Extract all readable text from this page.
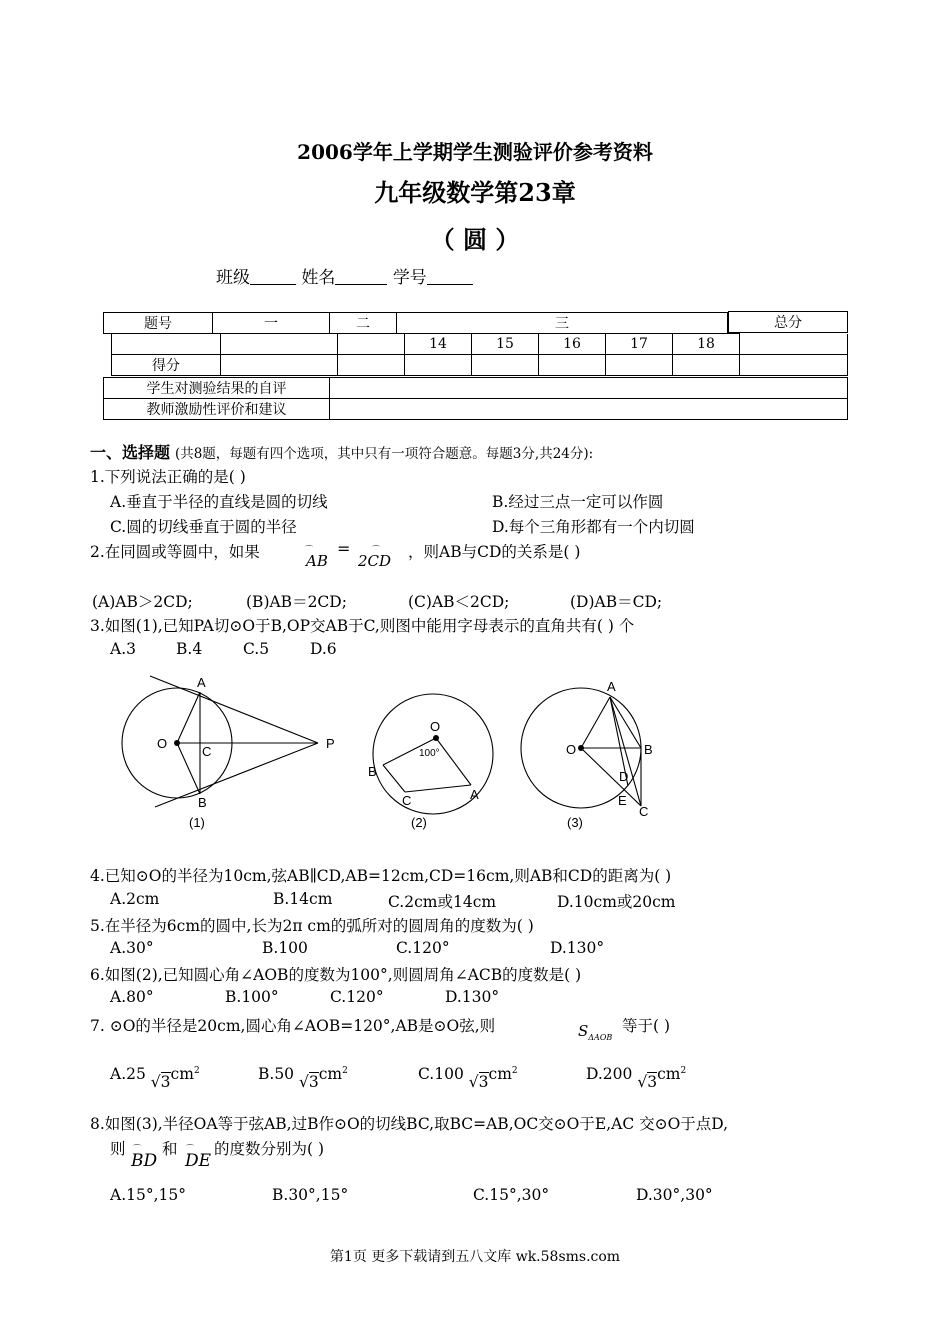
2006学年上学期学生测验评价参考资料
九年级数学第23章
（ 圆 ）
班级	姓名	学号
题号	一	二	三	总分
			14	15	16	17	18	
得分								
学生对测验结果的自评	
教师激励性评价和建议	
一、选择题 (共8题，每题有四个选项，其中只有一项符合题意。每题3分,共24分):
1.下列说法正确的是( )
A.垂直于半径的直线是圆的切线	B.经过三点一定可以作圆
C.圆的切线垂直于圆的半径	D.每个三角形都有一个内切圆
2.在同圆或等圆中，如果	AB
⌒ =
2CD
⌒ ，则AB与CD的关系是( )
(A)AB＞2CD;	(B)AB＝2CD;	(C)AB＜2CD;	(D)AB＝CD;
3.如图(1),已知PA切⊙O于B,OP交AB于C,则图中能用字母表示的直角共有( ) 个
A.3	B.4	C.5	D.6
A
O
C
P
B
(1)
O
100°
B
C	A
(2)
A
O	B
D
E
C
(3)
4.已知⊙O的半径为10cm,弦AB∥CD,AB=12cm,CD=16cm,则AB和CD的距离为( )
A.2cm	B.14cm	C.2cm或14cm	D.10cm或20cm
5.在半径为6cm的圆中,长为2π cm的弧所对的圆周角的度数为( )
A.30°	B.100	C.120°	D.130°
6.如图(2),已知圆心角∠AOB的度数为100°,则圆周角∠ACB的度数是( )
A.80°	B.100°	C.120°	D.130°
7. ⊙O的半径是20cm,圆心角∠AOB=120°,AB是⊙O弦,则	$S_{\Delta AOB}$
等于( )
A.25 $√3cm^2$	B.50 $√3cm^2$	C.100 $√3cm^2$	D.200 $√3cm^2$
8.如图(3),半径OA等于弦AB,过B作⊙O的切线BC,取BC=AB,OC交⊙O于E,AC 交⊙O于点D,
则
BD
⌒ 和
DE
⌒ 的度数分别为( )
A.15°,15°	B.30°,15°	C.15°,30°	D.30°,30°
第1页 更多下载请到五八文库 wk.58sms.com
